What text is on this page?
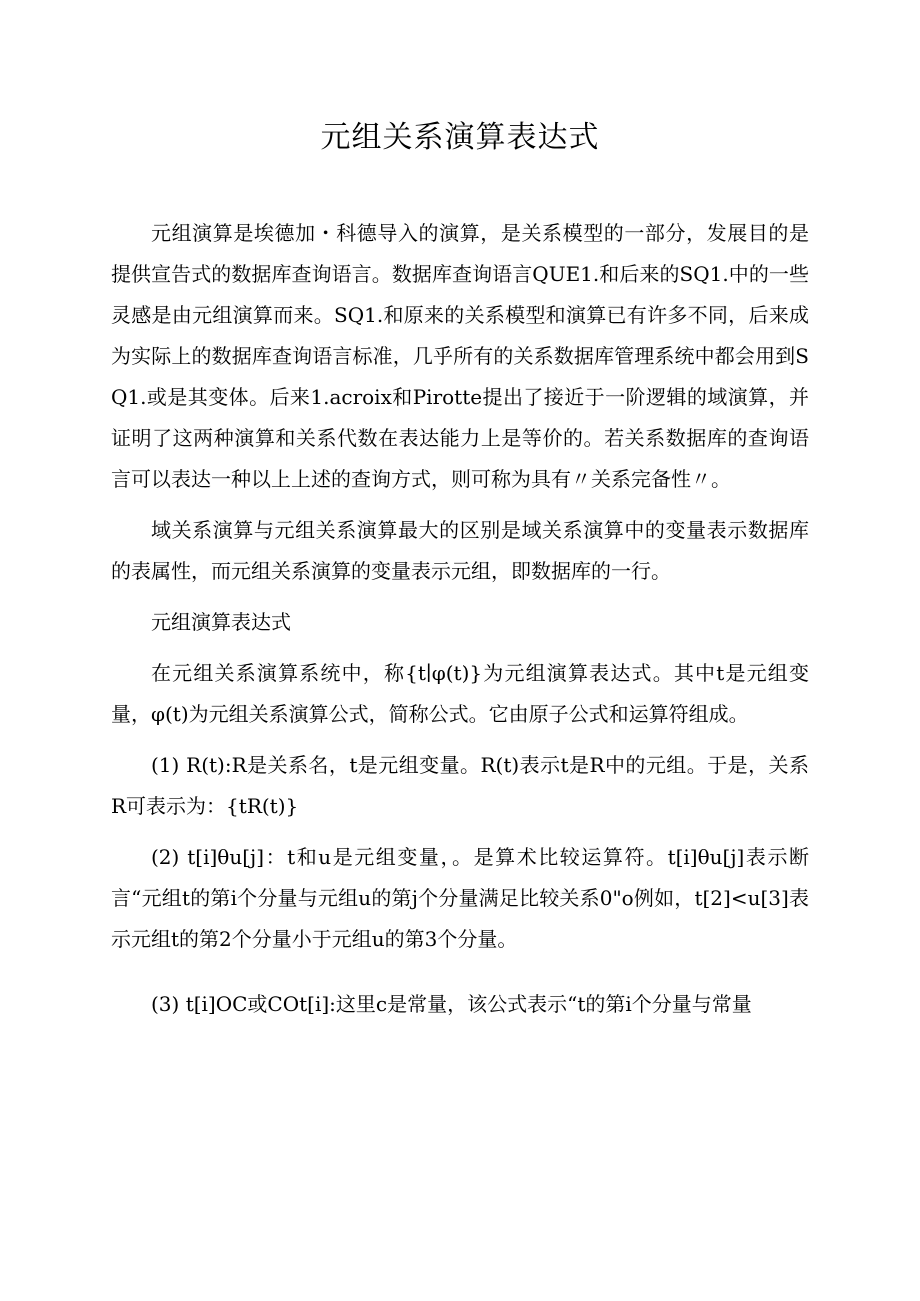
元组关系演算表达式

元组演算是埃德加・科德导入的演算，是关系模型的一部分，发展目的是提供宣告式的数据库查询语言。数据库查询语言QUE1.和后来的SQ1.中的一些灵感是由元组演算而来。SQ1.和原来的关系模型和演算已有许多不同，后来成为实际上的数据库查询语言标准，几乎所有的关系数据库管理系统中都会用到SQ1.或是其变体。后来1.acroix和Pirotte提出了接近于一阶逻辑的域演算，并证明了这两种演算和关系代数在表达能力上是等价的。若关系数据库的查询语言可以表达一种以上上述的查询方式，则可称为具有〃关系完备性〃。

域关系演算与元组关系演算最大的区别是域关系演算中的变量表示数据库的表属性，而元组关系演算的变量表示元组，即数据库的一行。

元组演算表达式

在元组关系演算系统中，称{t∣φ(t)}为元组演算表达式。其中t是元组变量，φ(t)为元组关系演算公式，简称公式。它由原子公式和运算符组成。

(1) R(t):R是关系名，t是元组变量。R(t)表示t是R中的元组。于是，关系R可表示为：{tR(t)}

(2) t[i]θu[j]：t和u是元组变量，。是算术比较运算符。t[i]θu[j]表示断言“元组t的第i个分量与元组u的第j个分量满足比较关系0"o例如，t[2]<u[3]表示元组t的第2个分量小于元组u的第3个分量。

(3) t[i]OC或COt[i]:这里c是常量，该公式表示“t的第i个分量与常量
